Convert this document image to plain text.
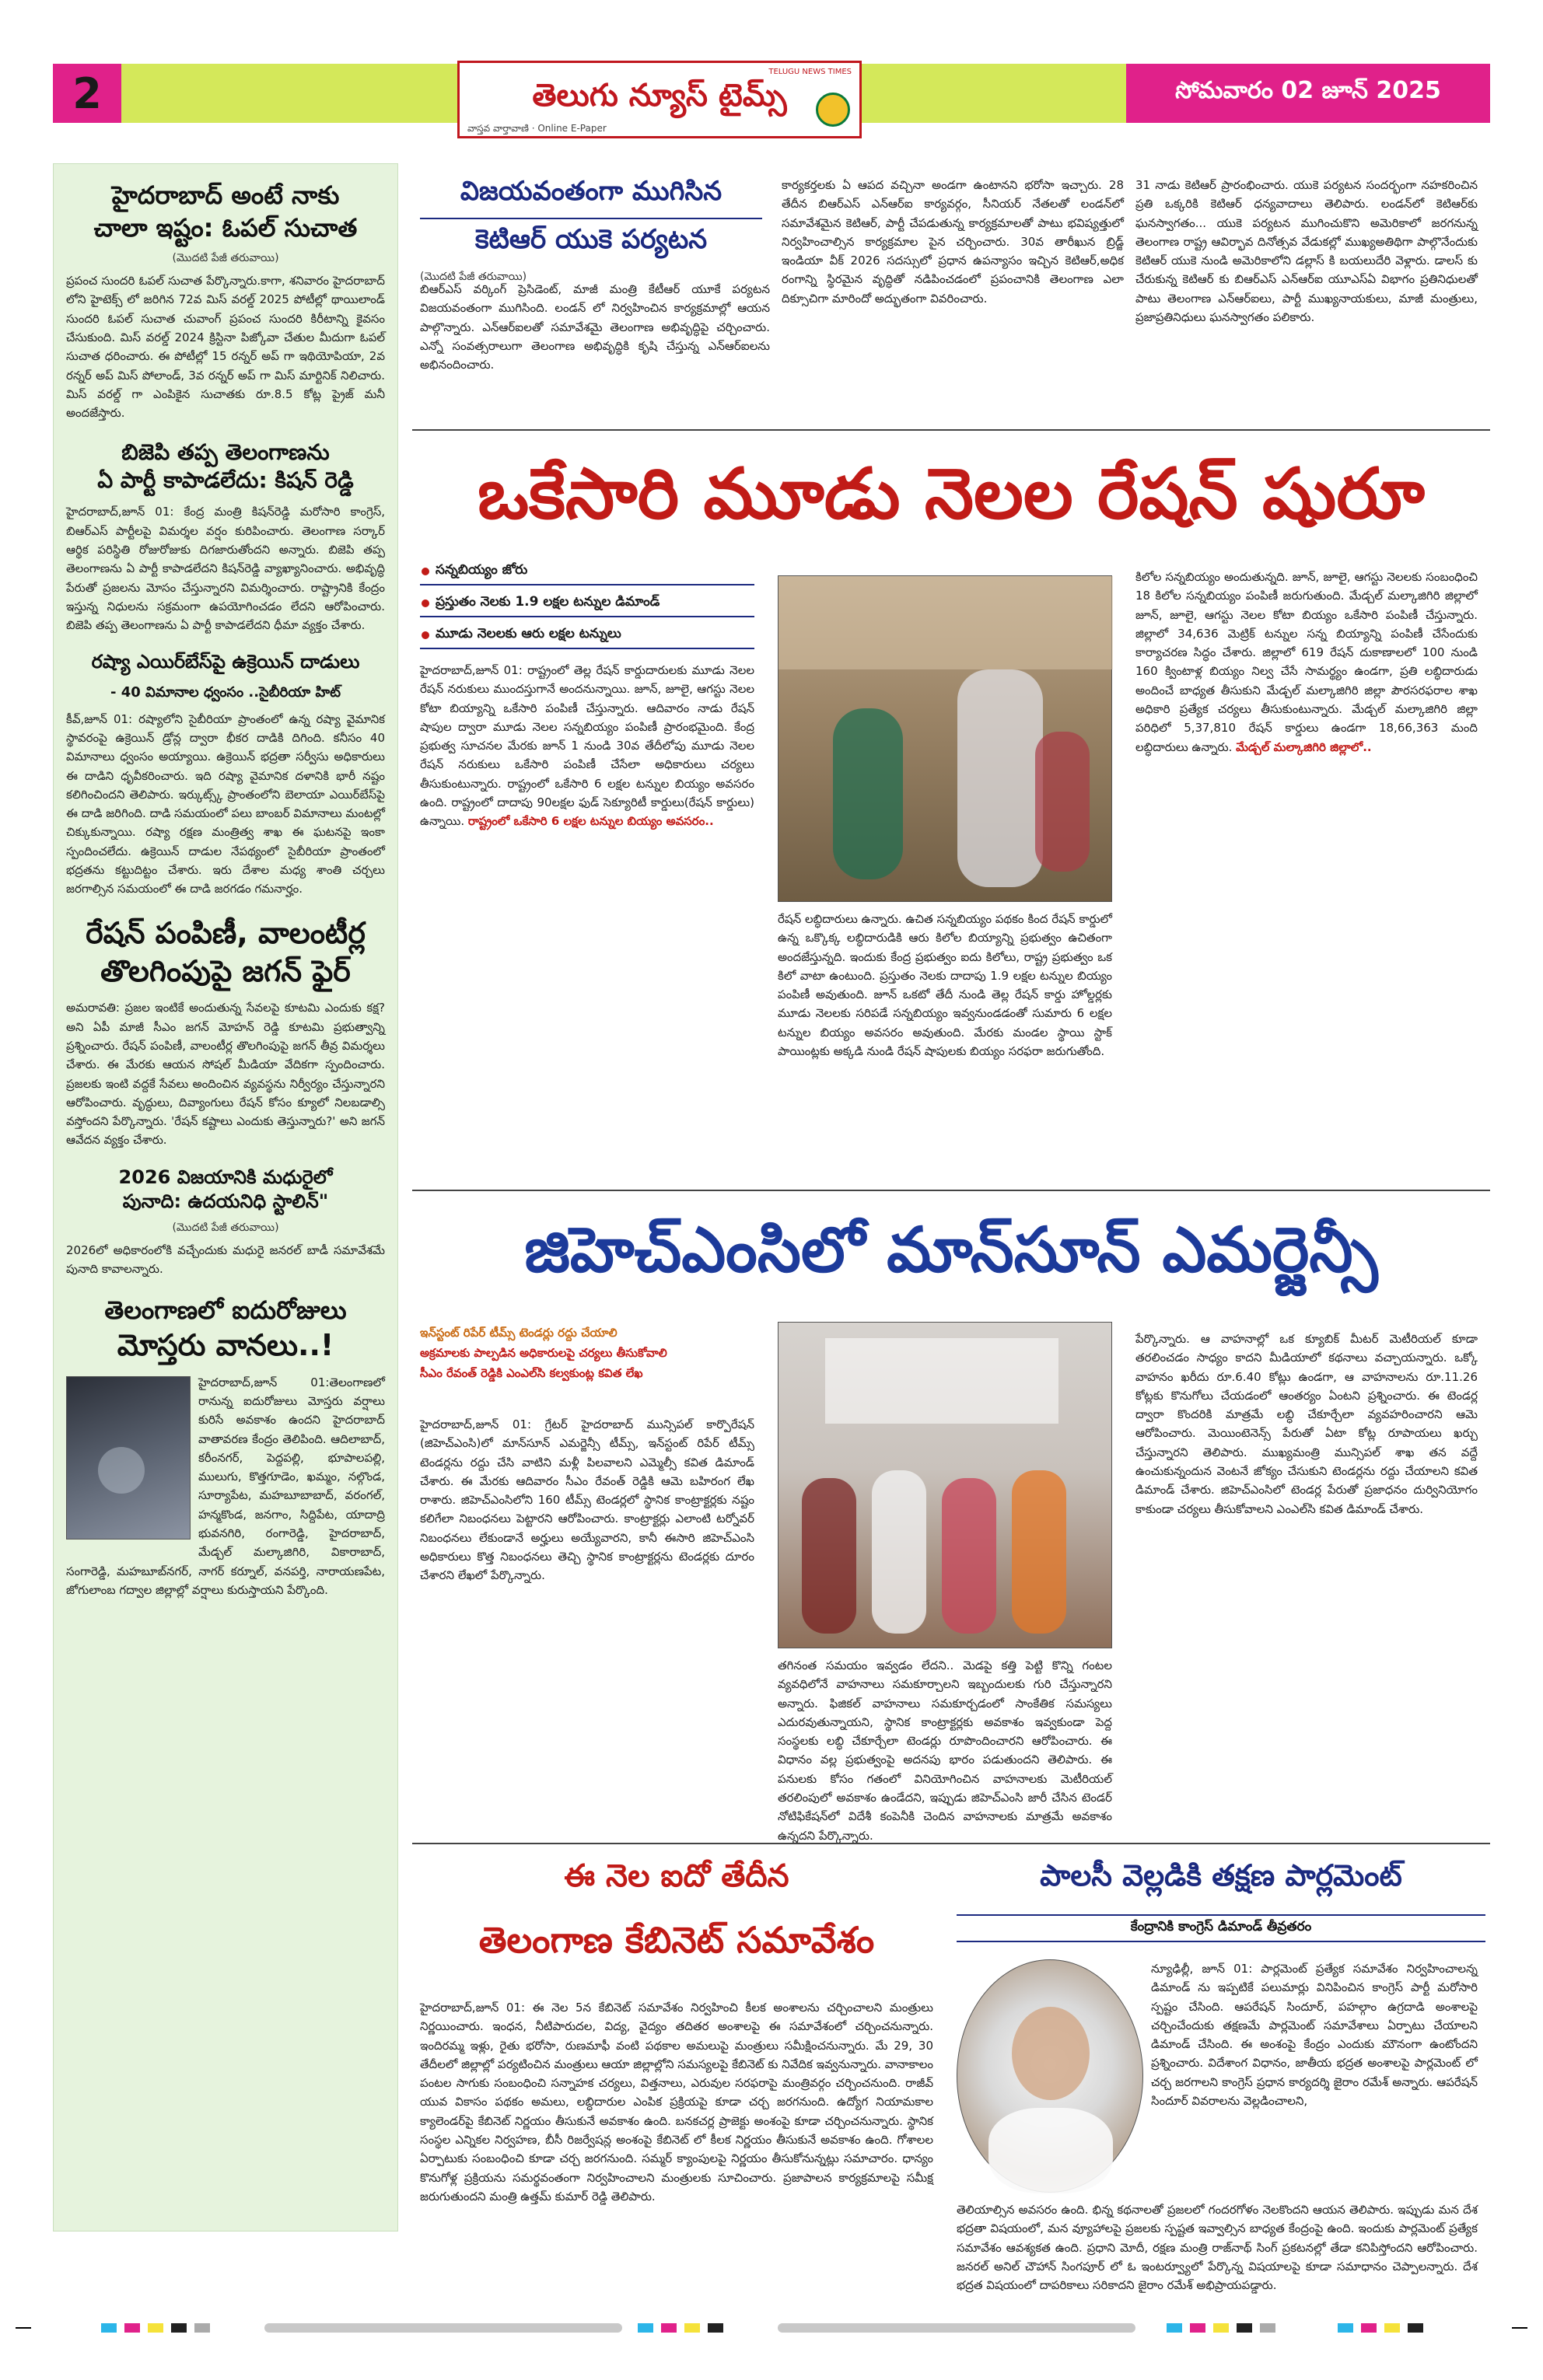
2	సోమవారం 02 జూన్ 2025
TELUGU NEWS TIMES
తెలుగు న్యూస్ టైమ్స్
వాస్తవ వార్తావాణి · Online E-Paper
హైదరాబాద్ అంటే నాకు
చాలా ఇష్టం: ఓపల్ సుచాత
(మొదటి పేజీ తరువాయి)
ప్రపంచ సుందరి ఓపల్ సుచాత పేర్కొన్నారు.కాగా, శనివారం హైదరాబాద్ లోని హైటెక్స్ లో జరిగిన 72వ మిస్ వరల్డ్ 2025 పోటీల్లో థాయిలాండ్ సుందరి ఓపల్ సుచాత చువాంగ్ ప్రపంచ సుందరి కిరీటాన్ని కైవసం చేసుకుంది. మిస్ వరల్డ్ 2024 క్రిస్టినా పిజ్కోవా చేతుల మీదుగా ఓపల్ సుచాత ధరించారు. ఈ పోటీల్లో 15 రన్నర్ అప్ గా ఇథియోపియా, 2వ రన్నర్ అప్ మిస్ పోలాండ్, 3వ రన్నర్ అప్ గా మిస్ మార్టినిక్ నిలిచారు. మిస్ వరల్డ్ గా ఎంపికైన సుచాతకు రూ.8.5 కోట్ల ప్రైజ్ మనీ అందజేస్తారు.
బిజెపి తప్ప తెలంగాణను
ఏ పార్టీ కాపాడలేదు: కిషన్ రెడ్డి
హైదరాబాద్,జూన్ 01: కేంద్ర మంత్రి కిషన్‌రెడ్డి మరోసారి కాంగ్రెస్, బిఆర్ఎస్ పార్టీలపై విమర్శల వర్షం కురిపించారు. తెలంగాణ సర్కార్ ఆర్థిక పరిస్థితి రోజురోజుకు దిగజారుతోందని అన్నారు. బిజెపి తప్ప తెలంగాణను ఏ పార్టీ కాపాడలేదని కిషన్‌రెడ్డి వ్యాఖ్యానించారు. అభివృద్ధి పేరుతో ప్రజలను మోసం చేస్తున్నారని విమర్శించారు. రాష్ట్రానికి కేంద్రం ఇస్తున్న నిధులను సక్రమంగా ఉపయోగించడం లేదని ఆరోపించారు. బిజెపి తప్ప తెలంగాణను ఏ పార్టీ కాపాడలేదని ధీమా వ్యక్తం చేశారు.
రష్యా ఎయిర్‌బేస్‌పై ఉక్రెయిన్ దాడులు
- 40 విమానాల ధ్వంసం ..సైబీరియా హిట్
కీవ్,జూన్ 01: రష్యాలోని సైబీరియా ప్రాంతంలో ఉన్న రష్యా వైమానిక స్థావరంపై ఉక్రెయిన్ డ్రోన్ల ద్వారా భీకర దాడికి దిగింది. కనీసం 40 విమానాలు ధ్వంసం అయ్యాయి. ఉక్రెయిన్ భద్రతా సర్వీసు అధికారులు ఈ దాడిని ధృవీకరించారు. ఇది రష్యా వైమానిక దళానికి భారీ నష్టం కలిగించిందని తెలిపారు. ఇర్కుట్స్క్ ప్రాంతంలోని బెలాయా ఎయిర్‌బేస్‌పై ఈ దాడి జరిగింది. దాడి సమయంలో పలు బాంబర్ విమానాలు మంటల్లో చిక్కుకున్నాయి. రష్యా రక్షణ మంత్రిత్వ శాఖ ఈ ఘటనపై ఇంకా స్పందించలేదు. ఉక్రెయిన్ దాడుల నేపథ్యంలో సైబీరియా ప్రాంతంలో భద్రతను కట్టుదిట్టం చేశారు. ఇరు దేశాల మధ్య శాంతి చర్చలు జరగాల్సిన సమయంలో ఈ దాడి జరగడం గమనార్హం.
రేషన్ పంపిణీ, వాలంటీర్ల
తొలగింపుపై జగన్ ఫైర్
అమరావతి: ప్రజల ఇంటికే అందుతున్న సేవలపై కూటమి ఎందుకు కక్ష? అని ఏపీ మాజీ సీఎం జగన్ మోహన్ రెడ్డి కూటమి ప్రభుత్వాన్ని ప్రశ్నించారు. రేషన్ పంపిణీ, వాలంటీర్ల తొలగింపుపై జగన్ తీవ్ర విమర్శలు చేశారు. ఈ మేరకు ఆయన సోషల్ మీడియా వేదికగా స్పందించారు. ప్రజలకు ఇంటి వద్దకే సేవలు అందించిన వ్యవస్థను నిర్వీర్యం చేస్తున్నారని ఆరోపించారు. వృద్ధులు, దివ్యాంగులు రేషన్ కోసం క్యూలో నిలబడాల్సి వస్తోందని పేర్కొన్నారు. 'రేషన్ కష్టాలు ఎందుకు తెస్తున్నారు?' అని జగన్ ఆవేదన వ్యక్తం చేశారు.
2026 విజయానికి మధురైలో
పునాది: ఉదయనిధి స్టాలిన్"
(మొదటి పేజీ తరువాయి)
2026లో అధికారంలోకి వచ్చేందుకు మధురై జనరల్ బాడీ సమావేశమే పునాది కావాలన్నారు.
తెలంగాణలో ఐదురోజులు
మోస్తరు వానలు..!
హైదరాబాద్,జూన్ 01:తెలంగాణలో రానున్న ఐదురోజులు మోస్తరు వర్షాలు కురిసే అవకాశం ఉందని హైదరాబాద్ వాతావరణ కేంద్రం తెలిపింది. ఆదిలాబాద్, కరీంనగర్, పెద్దపల్లి, భూపాలపల్లి, ములుగు, కొత్తగూడెం, ఖమ్మం, నల్గొండ, సూర్యాపేట, మహబూబాబాద్, వరంగల్, హన్మకొండ, జనగాం, సిద్దిపేట, యాదాద్రి భువనగిరి, రంగారెడ్డి, హైదరాబాద్, మేడ్చల్ మల్కాజిగిరి, వికారాబాద్, సంగారెడ్డి, మహబూబ్‌నగర్, నాగర్ కర్నూల్, వనపర్తి, నారాయణపేట, జోగులాంబ గద్వాల జిల్లాల్లో వర్షాలు కురుస్తాయని పేర్కొంది.
విజయవంతంగా ముగిసిన
కెటిఆర్ యుకె పర్యటన
(మొదటి పేజీ తరువాయి)
బిఆర్ఎస్ వర్కింగ్ ప్రెసిడెంట్, మాజీ మంత్రి కేటీఆర్ యూకే పర్యటన విజయవంతంగా ముగిసింది. లండన్ లో నిర్వహించిన కార్యక్రమాల్లో ఆయన పాల్గొన్నారు. ఎన్ఆర్ఐలతో సమావేశమై తెలంగాణ అభివృద్ధిపై చర్చించారు. ఎన్నో సంవత్సరాలుగా తెలంగాణ అభివృద్ధికి కృషి చేస్తున్న ఎన్ఆర్ఐలను అభినందించారు.
కార్యకర్తలకు ఏ ఆపద వచ్చినా అండగా ఉంటానని భరోసా ఇచ్చారు. 28 తేదీన బిఆర్ఎస్ ఎన్ఆర్ఐ కార్యవర్గం, సీనియర్ నేతలతో లండన్‌లో సమావేశమైన కెటిఆర్, పార్టీ చేపడుతున్న కార్యక్రమాలతో పాటు భవిష్యత్తులో నిర్వహించాల్సిన కార్యక్రమాల పైన చర్చించారు. 30వ తారీఖున బ్రిడ్జ్ ఇండియా వీక్ 2026 సదస్సులో ప్రధాన ఉపన్యాసం ఇచ్చిన కెటిఆర్,అధిక రంగాన్ని స్థిరమైన వృద్ధితో నడిపించడంలో ప్రపంచానికి తెలంగాణ ఎలా దిక్సూచిగా మారిందో అద్భుతంగా వివరించారు.
31 నాడు కెటిఆర్ ప్రారంభించారు. యుకె పర్యటన సందర్భంగా నహకరించిన ప్రతి ఒక్కరికి కెటిఆర్ ధన్యవాదాలు తెలిపారు. లండన్‌లో కెటిఆర్‌కు ఘనస్వాగతం... యుకె పర్యటన ముగించుకొని అమెరికాలో జరగనున్న తెలంగాణ రాష్ట్ర ఆవిర్భావ దినోత్సవ వేడుకల్లో ముఖ్యఅతిథిగా పాల్గొనేందుకు కెటిఆర్ యుకె నుండి అమెరికాలోని డల్లాస్ కి బయలుదేరి వెళ్లారు. డాలస్ కు చేరుకున్న కెటిఆర్ కు బిఆర్ఎస్ ఎన్ఆర్ఐ యూఎస్ఏ విభాగం ప్రతినిధులతో పాటు తెలంగాణ ఎన్ఆర్ఐలు, పార్టీ ముఖ్యనాయకులు, మాజీ మంత్రులు, ప్రజాప్రతినిధులు ఘనస్వాగతం పలికారు.
ఒకేసారి మూడు నెలల రేషన్ షురూ
సన్నబియ్యం జోరు
ప్రస్తుతం నెలకు 1.9 లక్షల టన్నుల డిమాండ్
మూడు నెలలకు ఆరు లక్షల టన్నులు
హైదరాబాద్,జూన్ 01: రాష్ట్రంలో తెల్ల రేషన్ కార్డుదారులకు మూడు నెలల రేషన్ నరుకులు ముందస్తుగానే అందనున్నాయి. జూన్, జూలై, ఆగస్టు నెలల కోటా బియ్యాన్ని ఒకేసారి పంపిణీ చేస్తున్నారు. ఆదివారం నాడు రేషన్ షాపుల ద్వారా మూడు నెలల సన్నబియ్యం పంపిణీ ప్రారంభమైంది. కేంద్ర ప్రభుత్వ సూచనల మేరకు జూన్ 1 నుండి 30వ తేదీలోపు మూడు నెలల రేషన్ నరుకులు ఒకేసారి పంపిణీ చేసేలా అధికారులు చర్యలు తీసుకుంటున్నారు. రాష్ట్రంలో ఒకేసారి 6 లక్షల టన్నుల బియ్యం అవసరం ఉంది. రాష్ట్రంలో దాదాపు 90లక్షల ఫుడ్ సెక్యూరిటీ కార్డులు(రేషన్ కార్డులు) ఉన్నాయి. రాష్ట్రంలో ఒకేసారి 6 లక్షల టన్నుల బియ్యం అవసరం..
రేషన్ లబ్ధిదారులు ఉన్నారు. ఉచిత సన్నబియ్యం పథకం కింద రేషన్ కార్డులో ఉన్న ఒక్కొక్క లబ్ధిదారుడికి ఆరు కిలోల బియ్యాన్ని ప్రభుత్వం ఉచితంగా అందజేస్తున్నది. ఇందుకు కేంద్ర ప్రభుత్వం ఐదు కిలోలు, రాష్ట్ర ప్రభుత్వం ఒక కిలో వాటా ఉంటుంది. ప్రస్తుతం నెలకు దాదాపు 1.9 లక్షల టన్నుల బియ్యం పంపిణీ అవుతుంది. జూన్ ఒకటో తేదీ నుండి తెల్ల రేషన్ కార్డు హోల్డర్లకు మూడు నెలలకు సరిపడే సన్నబియ్యం ఇవ్వనుండడంతో సుమారు 6 లక్షల టన్నుల బియ్యం అవసరం అవుతుంది. మేరకు మండల స్థాయి స్టాక్ పాయింట్లకు అక్కడి నుండి రేషన్ షాపులకు బియ్యం సరఫరా జరుగుతోంది.
కిలోల సన్నబియ్యం అందుతున్నది. జూన్, జూలై, ఆగస్టు నెలలకు సంబంధించి 18 కిలోల సన్నబియ్యం పంపిణీ జరుగుతుంది. మేడ్చల్ మల్కాజిగిరి జిల్లాలో జూన్, జూలై, ఆగస్టు నెలల కోటా బియ్యం ఒకేసారి పంపిణీ చేస్తున్నారు. జిల్లాలో 34,636 మెట్రిక్ టన్నుల సన్న బియ్యాన్ని పంపిణీ చేసేందుకు కార్యాచరణ సిద్ధం చేశారు. జిల్లాలో 619 రేషన్ దుకాణాలలో 100 నుండి 160 క్వింటాళ్ల బియ్యం నిల్వ చేసే సామర్థ్యం ఉండగా, ప్రతి లబ్ధిదారుడు అందించే బాధ్యత తీసుకుని మేడ్చల్ మల్కాజిగిరి జిల్లా పౌరసరఫరాల శాఖ అధికారి ప్రత్యేక చర్యలు తీసుకుంటున్నారు. మేడ్చల్ మల్కాజిగిరి జిల్లా పరిధిలో 5,37,810 రేషన్ కార్డులు ఉండగా 18,66,363 మంది లబ్ధిదారులు ఉన్నారు. మేడ్చల్ మల్కాజిగిరి జిల్లాలో..
జిహెచ్‌ఎంసిలో మాన్‌సూన్ ఎమర్జెన్సీ
ఇన్‌స్టంట్ రిపేర్ టీమ్స్ టెండర్లు రద్దు చేయాలి
అక్రమాలకు పాల్పడిన అధికారులపై చర్యలు తీసుకోవాలి
సీఎం రేవంత్ రెడ్డికి ఎంఎల్‌సి కల్వకుంట్ల కవిత లేఖ
హైదరాబాద్,జూన్ 01: గ్రేటర్ హైదరాబాద్ మున్సిపల్ కార్పొరేషన్ (జిహెచ్ఎంసి)లో మాన్‌సూన్ ఎమర్జెన్సీ టీమ్స్, ఇన్‌స్టంట్ రిపేర్ టీమ్స్ టెండర్లను రద్దు చేసి వాటిని మళ్లీ పిలవాలని ఎమ్మెల్సీ కవిత డిమాండ్ చేశారు. ఈ మేరకు ఆదివారం సీఎం రేవంత్ రెడ్డికి ఆమె బహిరంగ లేఖ రాశారు. జిహెచ్ఎంసిలోని 160 టీమ్స్ టెండర్లలో స్థానిక కాంట్రాక్టర్లకు నష్టం కలిగేలా నిబంధనలు పెట్టారని ఆరోపించారు. కాంట్రాక్టర్లు ఎలాంటి టర్నోవర్ నిబంధనలు లేకుండానే అర్హులు అయ్యేవారని, కానీ ఈసారి జిహెచ్ఎంసి అధికారులు కొత్త నిబంధనలు తెచ్చి స్థానిక కాంట్రాక్టర్లను టెండర్లకు దూరం చేశారని లేఖలో పేర్కొన్నారు.
తగినంత సమయం ఇవ్వడం లేదని.. మెడపై కత్తి పెట్టి కొన్ని గంటల వ్యవధిలోనే వాహనాలు సమకూర్చాలని ఇబ్బందులకు గురి చేస్తున్నారని అన్నారు. ఫిజికల్ వాహనాలు సమకూర్చడంలో సాంకేతిక సమస్యలు ఎదురవుతున్నాయని, స్థానిక కాంట్రాక్టర్లకు అవకాశం ఇవ్వకుండా పెద్ద సంస్థలకు లబ్ధి చేకూర్చేలా టెండర్లు రూపొందించారని ఆరోపించారు. ఈ విధానం వల్ల ప్రభుత్వంపై అదనపు భారం పడుతుందని తెలిపారు. ఈ పనులకు కోసం గతంలో వినియోగించిన వాహనాలకు మెటీరియల్ తరలింపులో అవకాశం ఉండేదని, ఇప్పుడు జిహెచ్ఎంసి జారీ చేసిన టెండర్ నోటిఫికేషన్‌లో విదేశీ కంపెనీకి చెందిన వాహనాలకు మాత్రమే అవకాశం ఉన్నదని పేర్కొన్నారు.
పేర్కొన్నారు. ఆ వాహనాల్లో ఒక క్యూబిక్ మీటర్ మెటీరియల్ కూడా తరలించడం సాధ్యం కాదని మీడియాలో కథనాలు వచ్చాయన్నారు. ఒక్కో వాహనం ఖరీదు రూ.6.40 కోట్లు ఉండగా, ఆ వాహనాలను రూ.11.26 కోట్లకు కొనుగోలు చేయడంలో ఆంతర్యం ఏంటని ప్రశ్నించారు. ఈ టెండర్ల ద్వారా కొందరికి మాత్రమే లబ్ధి చేకూర్చేలా వ్యవహరించారని ఆమె ఆరోపించారు. మెయింటెనెన్స్ పేరుతో ఏటా కోట్ల రూపాయలు ఖర్చు చేస్తున్నారని తెలిపారు. ముఖ్యమంత్రి మున్సిపల్ శాఖ తన వద్దే ఉంచుకున్నందున వెంటనే జోక్యం చేసుకుని టెండర్లను రద్దు చేయాలని కవిత డిమాండ్ చేశారు. జిహెచ్ఎంసిలో టెండర్ల పేరుతో ప్రజాధనం దుర్వినియోగం కాకుండా చర్యలు తీసుకోవాలని ఎంఎల్‌సి కవిత డిమాండ్ చేశారు.
ఈ నెల ఐదో తేదీన
తెలంగాణ కేబినెట్ సమావేశం
హైదరాబాద్,జూన్ 01: ఈ నెల 5న కేబినెట్ సమావేశం నిర్వహించి కీలక అంశాలను చర్చించాలని మంత్రులు నిర్ణయించారు. ఇంధన, నీటిపారుదల, విద్య, వైద్యం తదితర అంశాలపై ఈ సమావేశంలో చర్చించనున్నారు. ఇందిరమ్మ ఇళ్లు, రైతు భరోసా, రుణమాఫీ వంటి పథకాల అమలుపై మంత్రులు సమీక్షించనున్నారు. మే 29, 30 తేదీలలో జిల్లాల్లో పర్యటించిన మంత్రులు ఆయా జిల్లాల్లోని సమస్యలపై కేబినెట్ కు నివేదిక ఇవ్వనున్నారు. వానాకాలం పంటల సాగుకు సంబంధించి సన్నాహక చర్యలు, విత్తనాలు, ఎరువుల సరఫరాపై మంత్రివర్గం చర్చించనుంది. రాజీవ్ యువ వికాసం పథకం అమలు, లబ్ధిదారుల ఎంపిక ప్రక్రియపై కూడా చర్చ జరగనుంది. ఉద్యోగ నియామకాల క్యాలెండర్‌పై కేబినెట్ నిర్ణయం తీసుకునే అవకాశం ఉంది. బనకచర్ల ప్రాజెక్టు అంశంపై కూడా చర్చించనున్నారు. స్థానిక సంస్థల ఎన్నికల నిర్వహణ, బీసీ రిజర్వేషన్ల అంశంపై కేబినెట్ లో కీలక నిర్ణయం తీసుకునే అవకాశం ఉంది. గోశాలల ఏర్పాటుకు సంబంధించి కూడా చర్చ జరగనుంది. సమ్మర్ క్యాంపులపై నిర్ణయం తీసుకోనున్నట్లు సమాచారం. ధాన్యం కొనుగోళ్ల ప్రక్రియను సమర్థవంతంగా నిర్వహించాలని మంత్రులకు సూచించారు. ప్రజాపాలన కార్యక్రమాలపై సమీక్ష జరుగుతుందని మంత్రి ఉత్తమ్ కుమార్ రెడ్డి తెలిపారు.
పాలసీ వెల్లడికి తక్షణ పార్లమెంట్
కేంద్రానికి కాంగ్రెస్ డిమాండ్ తీవ్రతరం
న్యూఢిల్లీ, జూన్ 01: పార్లమెంట్ ప్రత్యేక సమావేశం నిర్వహించాలన్న డిమాండ్ ను ఇప్పటికే పలుమార్లు వినిపించిన కాంగ్రెస్ పార్టీ మరోసారి స్పష్టం చేసింది. ఆపరేషన్ సిందూర్, పహల్గాం ఉగ్రదాడి అంశాలపై చర్చించేందుకు తక్షణమే పార్లమెంట్ సమావేశాలు ఏర్పాటు చేయాలని డిమాండ్ చేసింది. ఈ అంశంపై కేంద్రం ఎందుకు మౌనంగా ఉంటోందని ప్రశ్నించారు. విదేశాంగ విధానం, జాతీయ భద్రత అంశాలపై పార్లమెంట్ లో చర్చ జరగాలని కాంగ్రెస్ ప్రధాన కార్యదర్శి జైరాం రమేశ్ అన్నారు. ఆపరేషన్ సిందూర్ వివరాలను వెల్లడించాలని,
తెలియాల్సిన అవసరం ఉంది. భిన్న కథనాలతో ప్రజలలో గందరగోళం నెలకొందని ఆయన తెలిపారు. ఇప్పుడు మన దేశ భద్రతా విషయంలో, మన వ్యూహాలపై ప్రజలకు స్పష్టత ఇవ్వాల్సిన బాధ్యత కేంద్రంపై ఉంది. ఇందుకు పార్లమెంట్ ప్రత్యేక సమావేశం ఆవశ్యకత ఉంది. ప్రధాని మోదీ, రక్షణ మంత్రి రాజ్‌నాథ్ సింగ్ ప్రకటనల్లో తేడా కనిపిస్తోందని ఆరోపించారు. జనరల్ అనిల్ చౌహాన్ సింగపూర్ లో ఓ ఇంటర్వ్యూలో పేర్కొన్న విషయాలపై కూడా సమాధానం చెప్పాలన్నారు. దేశ భద్రత విషయంలో దాపరికాలు సరికాదని జైరాం రమేశ్ అభిప్రాయపడ్డారు.
